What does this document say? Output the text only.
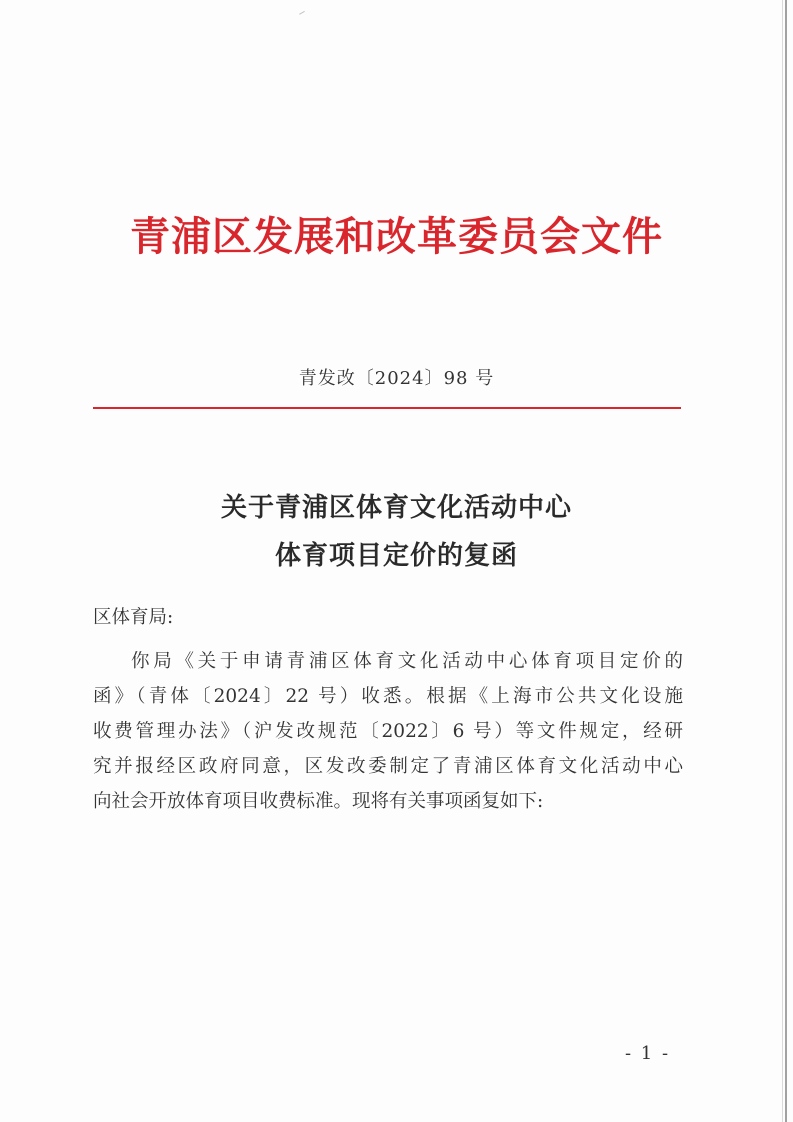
青浦区发展和改革委员会文件
青发改〔2024〕98 号
关于青浦区体育文化活动中心
体育项目定价的复函
区体育局:
你局《关于申请青浦区体育文化活动中心体育项目定价的
函》（青体〔2024〕22 号）收悉。根据《上海市公共文化设施
收费管理办法》（沪发改规范〔2022〕6 号）等文件规定，经研
究并报经区政府同意，区发改委制定了青浦区体育文化活动中心
向社会开放体育项目收费标准。现将有关事项函复如下:
- 1 -
